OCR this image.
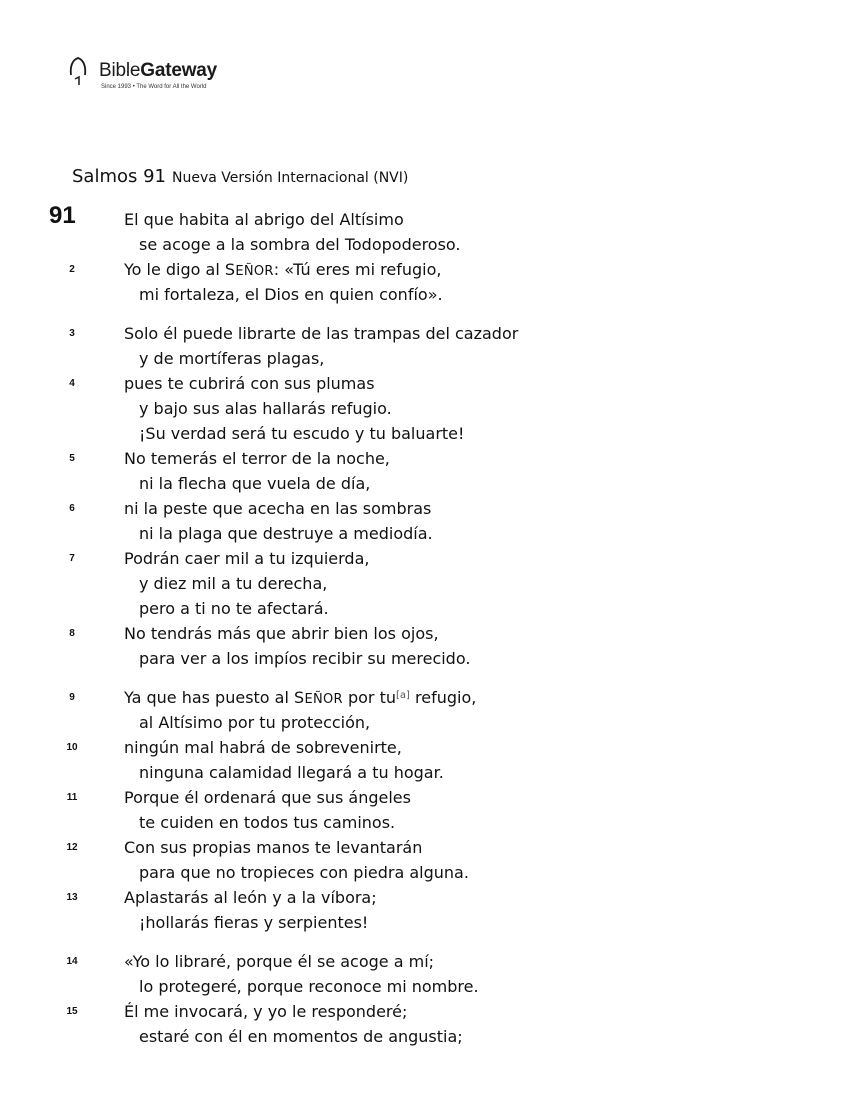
BibleGateway
Since 1993 • The Word for All the World
Salmos 91 Nueva Versión Internacional (NVI)
91	El que habita al abrigo del Altísimo
se acoge a la sombra del Todopoderoso.
2	Yo le digo al SEÑOR: «Tú eres mi refugio,
mi fortaleza, el Dios en quien confío».
3	Solo él puede librarte de las trampas del cazador
y de mortíferas plagas,
4	pues te cubrirá con sus plumas
y bajo sus alas hallarás refugio.
¡Su verdad será tu escudo y tu baluarte!
5	No temerás el terror de la noche,
ni la flecha que vuela de día,
6	ni la peste que acecha en las sombras
ni la plaga que destruye a mediodía.
7	Podrán caer mil a tu izquierda,
y diez mil a tu derecha,
pero a ti no te afectará.
8	No tendrás más que abrir bien los ojos,
para ver a los impíos recibir su merecido.
9	Ya que has puesto al SEÑOR por tu[a] refugio,
al Altísimo por tu protección,
10	ningún mal habrá de sobrevenirte,
ninguna calamidad llegará a tu hogar.
11	Porque él ordenará que sus ángeles
te cuiden en todos tus caminos.
12	Con sus propias manos te levantarán
para que no tropieces con piedra alguna.
13	Aplastarás al león y a la víbora;
¡hollarás fieras y serpientes!
14	«Yo lo libraré, porque él se acoge a mí;
lo protegeré, porque reconoce mi nombre.
15	Él me invocará, y yo le responderé;
estaré con él en momentos de angustia;
